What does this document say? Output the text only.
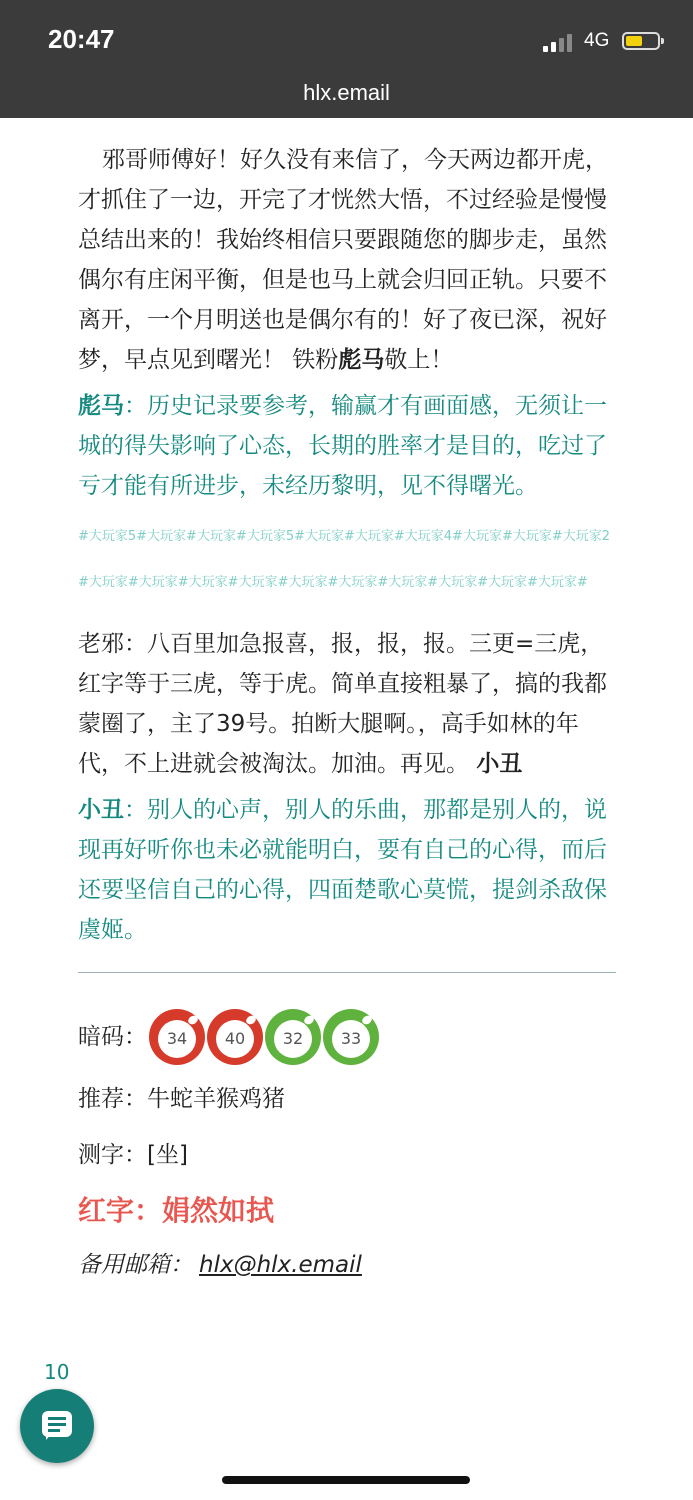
20:47	4G
hlx.email

邪哥师傅好！好久没有来信了，今天两边都开虎，才抓住了一边，开完了才恍然大悟，不过经验是慢慢总结出来的！我始终相信只要跟随您的脚步走，虽然偶尔有庄闲平衡，但是也马上就会归回正轨。只要不离开，一个月明送也是偶尔有的！好了夜已深，祝好梦，早点见到曙光！ 铁粉彪马敬上！

彪马：历史记录要参考，输赢才有画面感，无须让一城的得失影响了心态，长期的胜率才是目的，吃过了亏才能有所进步，未经历黎明，见不得曙光。

#大玩家5#大玩家#大玩家#大玩家5#大玩家#大玩家#大玩家4#大玩家#大玩家#大玩家2#大玩家#大玩家#大玩家#大玩家#大玩家#大玩家#大玩家#大玩家#大玩家#大玩家#

老邪：八百里加急报喜，报，报，报。三更=三虎，红字等于三虎，等于虎。简单直接粗暴了，搞的我都蒙圈了，主了39号。拍断大腿啊。，高手如林的年代，不上进就会被淘汰。加油。再见。 小丑

小丑：别人的心声，别人的乐曲，那都是别人的，说现再好听你也未必就能明白，要有自己的心得，而后还要坚信自己的心得，四面楚歌心莫慌，提剑杀敌保虞姬。

暗码：	34	40	32	33
推荐： 牛蛇羊猴鸡猪
测字： [坐]
红字：娟然如拭
备用邮箱： hlx@hlx.email
10
